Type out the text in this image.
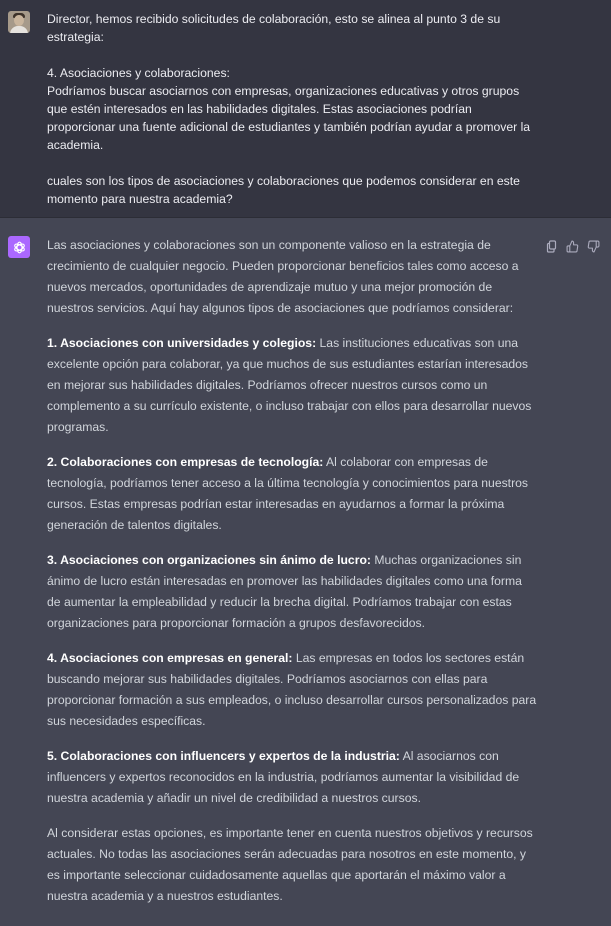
Director, hemos recibido solicitudes de colaboración, esto se alinea al punto 3 de su estrategia:

4. Asociaciones y colaboraciones:
Podríamos buscar asociarnos con empresas, organizaciones educativas y otros grupos que estén interesados en las habilidades digitales. Estas asociaciones podrían proporcionar una fuente adicional de estudiantes y también podrían ayudar a promover la academia.

cuales son los tipos de asociaciones y colaboraciones que podemos considerar en este momento para nuestra academia?

Las asociaciones y colaboraciones son un componente valioso en la estrategia de crecimiento de cualquier negocio. Pueden proporcionar beneficios tales como acceso a nuevos mercados, oportunidades de aprendizaje mutuo y una mejor promoción de nuestros servicios. Aquí hay algunos tipos de asociaciones que podríamos considerar:

1. Asociaciones con universidades y colegios: Las instituciones educativas son una excelente opción para colaborar, ya que muchos de sus estudiantes estarían interesados en mejorar sus habilidades digitales. Podríamos ofrecer nuestros cursos como un complemento a su currículo existente, o incluso trabajar con ellos para desarrollar nuevos programas.

2. Colaboraciones con empresas de tecnología: Al colaborar con empresas de tecnología, podríamos tener acceso a la última tecnología y conocimientos para nuestros cursos. Estas empresas podrían estar interesadas en ayudarnos a formar la próxima generación de talentos digitales.

3. Asociaciones con organizaciones sin ánimo de lucro: Muchas organizaciones sin ánimo de lucro están interesadas en promover las habilidades digitales como una forma de aumentar la empleabilidad y reducir la brecha digital. Podríamos trabajar con estas organizaciones para proporcionar formación a grupos desfavorecidos.

4. Asociaciones con empresas en general: Las empresas en todos los sectores están buscando mejorar sus habilidades digitales. Podríamos asociarnos con ellas para proporcionar formación a sus empleados, o incluso desarrollar cursos personalizados para sus necesidades específicas.

5. Colaboraciones con influencers y expertos de la industria: Al asociarnos con influencers y expertos reconocidos en la industria, podríamos aumentar la visibilidad de nuestra academia y añadir un nivel de credibilidad a nuestros cursos.

Al considerar estas opciones, es importante tener en cuenta nuestros objetivos y recursos actuales. No todas las asociaciones serán adecuadas para nosotros en este momento, y es importante seleccionar cuidadosamente aquellas que aportarán el máximo valor a nuestra academia y a nuestros estudiantes.
